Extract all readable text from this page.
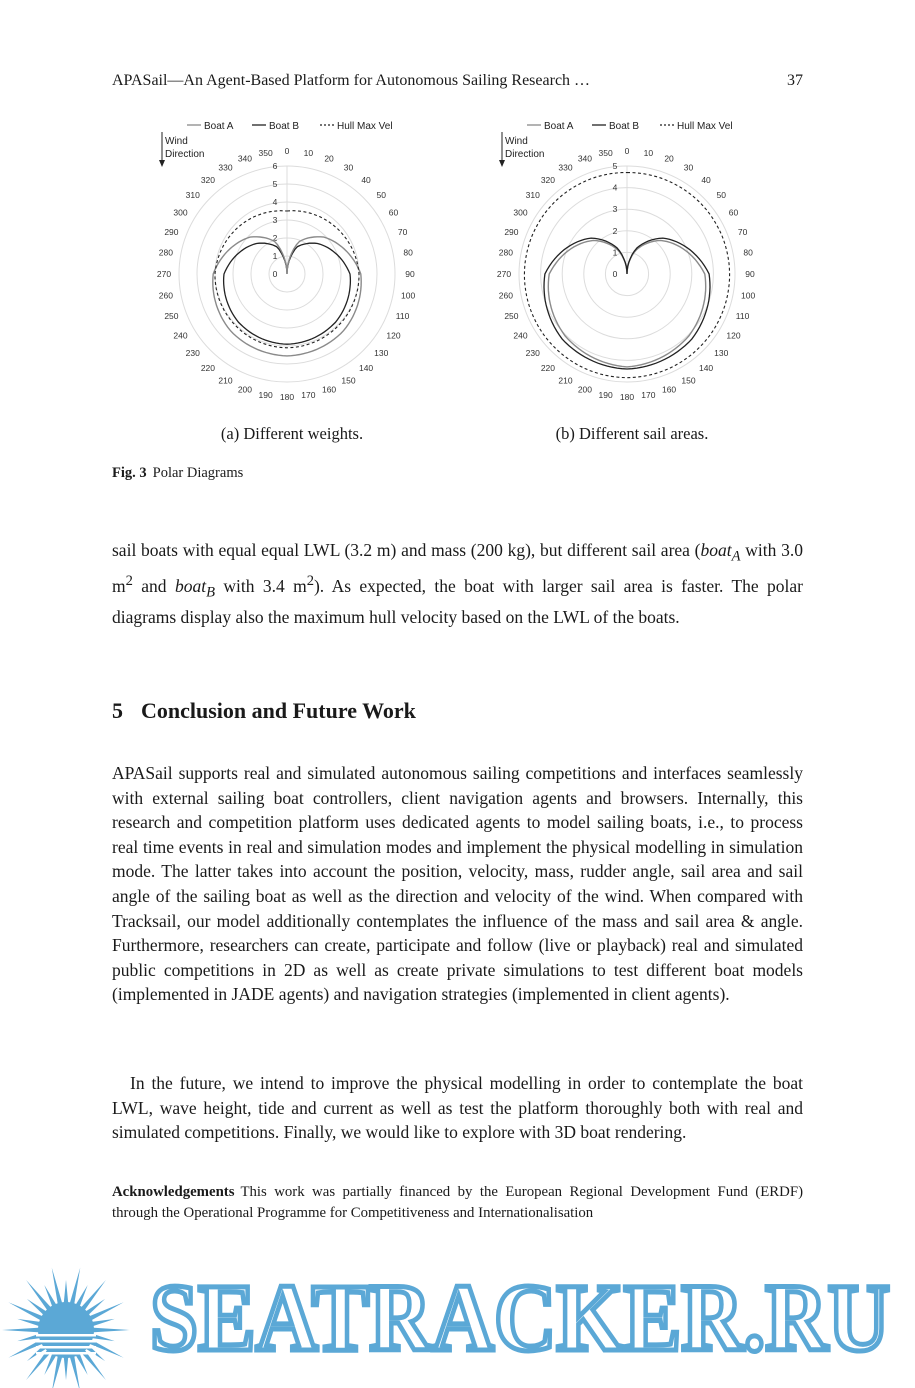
APASail—An Agent-Based Platform for Autonomous Sailing Research …	37
0
1
2
3
4
5
6
0 10
20
30
40
50
60
70
80
90
100
110
120
130
140
150
160
170
180
190
200
210
220
230
240
250
260
270
280
290
300
310
320
330
340
350
Boat A	Boat B	Hull Max Vel
Wind
Direction
0
1
2
3
4
5
0 10
20
30
40
50
60
70
80
90
100
110
120
130
140
150
160
170
180
190
200
210
220
230
240
250
260
270
280
290
300
310
320
330
340
350
Boat A	Boat B	Hull Max Vel
Wind
Direction
(a) Different weights.	(b) Different sail areas.
Fig. 3 Polar Diagrams

sail boats with equal equal LWL (3.2 m) and mass (200 kg), but different sail area (boat$_A$ with 3.0 $m^2$ and boat$_B$ with 3.4 $m^2$). As expected, the boat with larger sail area is faster. The polar diagrams display also the maximum hull velocity based on the LWL of the boats.

5 Conclusion and Future Work

APASail supports real and simulated autonomous sailing competitions and interfaces seamlessly with external sailing boat controllers, client navigation agents and browsers. Internally, this research and competition platform uses dedicated agents to model sailing boats, i.e., to process real time events in real and simulation modes and implement the physical modelling in simulation mode. The latter takes into account the position, velocity, mass, rudder angle, sail area and sail angle of the sailing boat as well as the direction and velocity of the wind. When compared with Tracksail, our model additionally contemplates the influence of the mass and sail area & angle. Furthermore, researchers can create, participate and follow (live or playback) real and simulated public competitions in 2D as well as create private simulations to test different boat models (implemented in JADE agents) and navigation strategies (implemented in client agents).

In the future, we intend to improve the physical modelling in order to contemplate the boat LWL, wave height, tide and current as well as test the platform thoroughly both with real and simulated competitions. Finally, we would like to explore with 3D boat rendering.

Acknowledgements This work was partially financed by the European Regional Development Fund (ERDF) through the Operational Programme for Competitiveness and Internationalisation

SEATRACKER.RU
